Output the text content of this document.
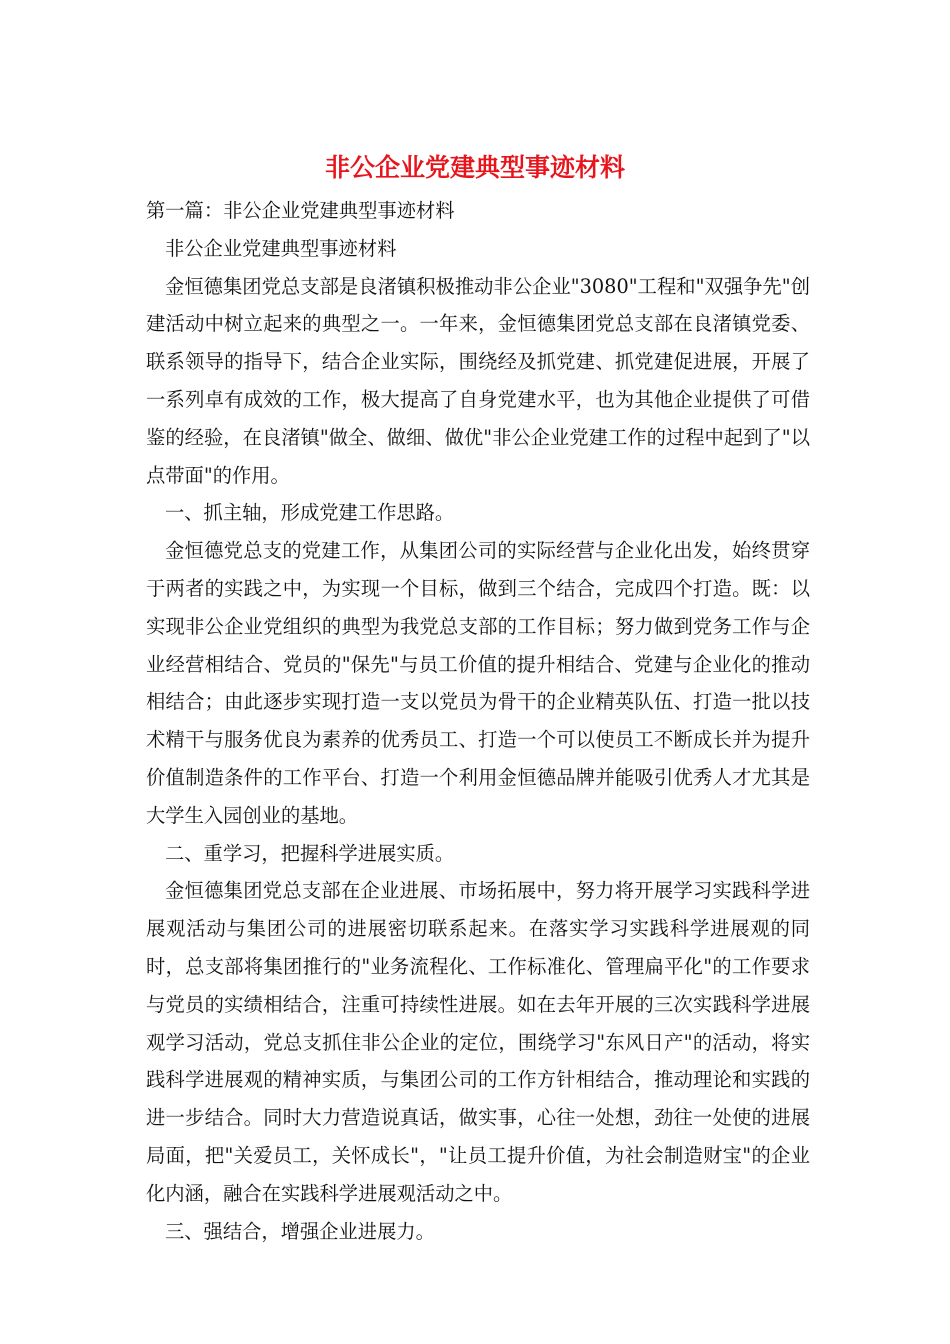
非公企业党建典型事迹材料

第一篇：非公企业党建典型事迹材料

非公企业党建典型事迹材料

金恒德集团党总支部是良渚镇积极推动非公企业"3080"工程和"双强争先"创建活动中树立起来的典型之一。一年来，金恒德集团党总支部在良渚镇党委、联系领导的指导下，结合企业实际，围绕经及抓党建、抓党建促进展，开展了一系列卓有成效的工作，极大提高了自身党建水平，也为其他企业提供了可借鉴的经验，在良渚镇"做全、做细、做优"非公企业党建工作的过程中起到了"以点带面"的作用。

一、抓主轴，形成党建工作思路。

金恒德党总支的党建工作，从集团公司的实际经营与企业化出发，始终贯穿于两者的实践之中，为实现一个目标，做到三个结合，完成四个打造。既：以实现非公企业党组织的典型为我党总支部的工作目标；努力做到党务工作与企业经营相结合、党员的"保先"与员工价值的提升相结合、党建与企业化的推动相结合；由此逐步实现打造一支以党员为骨干的企业精英队伍、打造一批以技术精干与服务优良为素养的优秀员工、打造一个可以使员工不断成长并为提升价值制造条件的工作平台、打造一个利用金恒德品牌并能吸引优秀人才尤其是大学生入园创业的基地。

二、重学习，把握科学进展实质。

金恒德集团党总支部在企业进展、市场拓展中，努力将开展学习实践科学进展观活动与集团公司的进展密切联系起来。在落实学习实践科学进展观的同时，总支部将集团推行的"业务流程化、工作标准化、管理扁平化"的工作要求与党员的实绩相结合，注重可持续性进展。如在去年开展的三次实践科学进展观学习活动，党总支抓住非公企业的定位，围绕学习"东风日产"的活动，将实践科学进展观的精神实质，与集团公司的工作方针相结合，推动理论和实践的进一步结合。同时大力营造说真话，做实事，心往一处想，劲往一处使的进展局面，把"关爱员工，关怀成长"，"让员工提升价值，为社会制造财宝"的企业化内涵，融合在实践科学进展观活动之中。

三、强结合，增强企业进展力。
